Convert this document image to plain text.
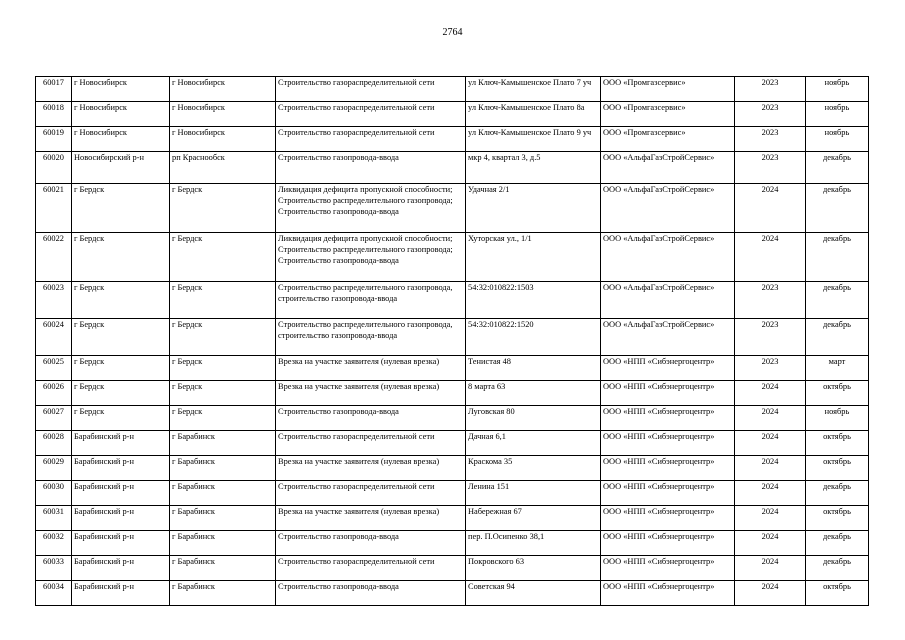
2764
60017	г Новосибирск	г Новосибирск	Строительство газораспределительной сети	ул Ключ-Камышенское Плато 7 уч	ООО «Промгазсервис»	2023	ноябрь
60018	г Новосибирск	г Новосибирск	Строительство газораспределительной сети	ул Ключ-Камышенское Плато 8а	ООО «Промгазсервис»	2023	ноябрь
60019	г Новосибирск	г Новосибирск	Строительство газораспределительной сети	ул Ключ-Камышенское Плато 9 уч	ООО «Промгазсервис»	2023	ноябрь
60020	Новосибирский р-н	рп Краснообск	Строительство газопровода-ввода	мкр 4, квартал 3, д.5	ООО «АльфаГазСтройСервис»	2023	декабрь
60021	г Бердск	г Бердск	Ликвидация дефицита пропускной способности; Строительство распределительного газопровода; Строительство газопровода-ввода	Удачная 2/1	ООО «АльфаГазСтройСервис»	2024	декабрь
60022	г Бердск	г Бердск	Ликвидация дефицита пропускной способности; Строительство распределительного газопровода; Строительство газопровода-ввода	Хуторская ул., 1/1	ООО «АльфаГазСтройСервис»	2024	декабрь
60023	г Бердск	г Бердск	Строительство распределительного газопровода, строительство газопровода-ввода	54:32:010822:1503	ООО «АльфаГазСтройСервис»	2023	декабрь
60024	г Бердск	г Бердск	Строительство распределительного газопровода, строительство газопровода-ввода	54:32:010822:1520	ООО «АльфаГазСтройСервис»	2023	декабрь
60025	г Бердск	г Бердск	Врезка на участке заявителя (нулевая врезка)	Тенистая 48	ООО «НПП «Сибэнергоцентр»	2023	март
60026	г Бердск	г Бердск	Врезка на участке заявителя (нулевая врезка)	8 марта 63	ООО «НПП «Сибэнергоцентр»	2024	октябрь
60027	г Бердск	г Бердск	Строительство газопровода-ввода	Луговская 80	ООО «НПП «Сибэнергоцентр»	2024	ноябрь
60028	Барабинский р-н	г Барабинск	Строительство газораспределительной сети	Дачная 6,1	ООО «НПП «Сибэнергоцентр»	2024	октябрь
60029	Барабинский р-н	г Барабинск	Врезка на участке заявителя (нулевая врезка)	Краскома 35	ООО «НПП «Сибэнергоцентр»	2024	октябрь
60030	Барабинский р-н	г Барабинск	Строительство газораспределительной сети	Ленина 151	ООО «НПП «Сибэнергоцентр»	2024	декабрь
60031	Барабинский р-н	г Барабинск	Врезка на участке заявителя (нулевая врезка)	Набережная 67	ООО «НПП «Сибэнергоцентр»	2024	октябрь
60032	Барабинский р-н	г Барабинск	Строительство газопровода-ввода	пер. П.Осипенко 38,1	ООО «НПП «Сибэнергоцентр»	2024	декабрь
60033	Барабинский р-н	г Барабинск	Строительство газораспределительной сети	Покровского 63	ООО «НПП «Сибэнергоцентр»	2024	декабрь
60034	Барабинский р-н	г Барабинск	Строительство газопровода-ввода	Советская 94	ООО «НПП «Сибэнергоцентр»	2024	октябрь
